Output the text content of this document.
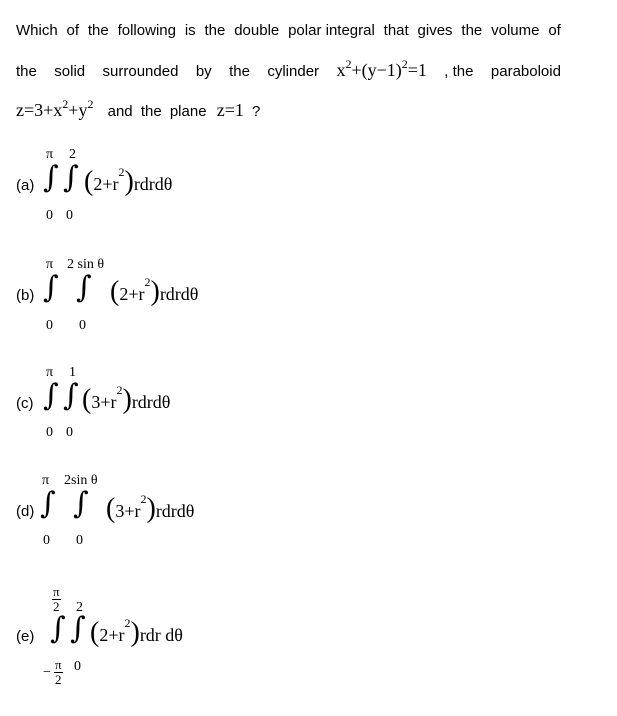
Which of the following is the double polar integral that gives the volume of
the solid surrounded by the cylinder $x^2+(y-1)^2=1$ , the paraboloid
$z=3+x^2+y^2$ and the plane z=1 ?
(a)
π 2
∫ ∫
0 0
$(2+r^2)rdrd\theta$
(b)
π 2 sin θ
∫ ∫
0 0
$(2+r^2)rdrd\theta$
(c)
π 1
∫ ∫
0 0
$(3+r^2)rdrd\theta$
(d)
π 2sin θ
∫ ∫
0 0
$(3+r^2)rdrd\theta$
(e)
$\frac{\pi}{2} 2$
∫ ∫
− $\frac{\pi}{2} 0$
$(2+r^2)rdr$ dθ
